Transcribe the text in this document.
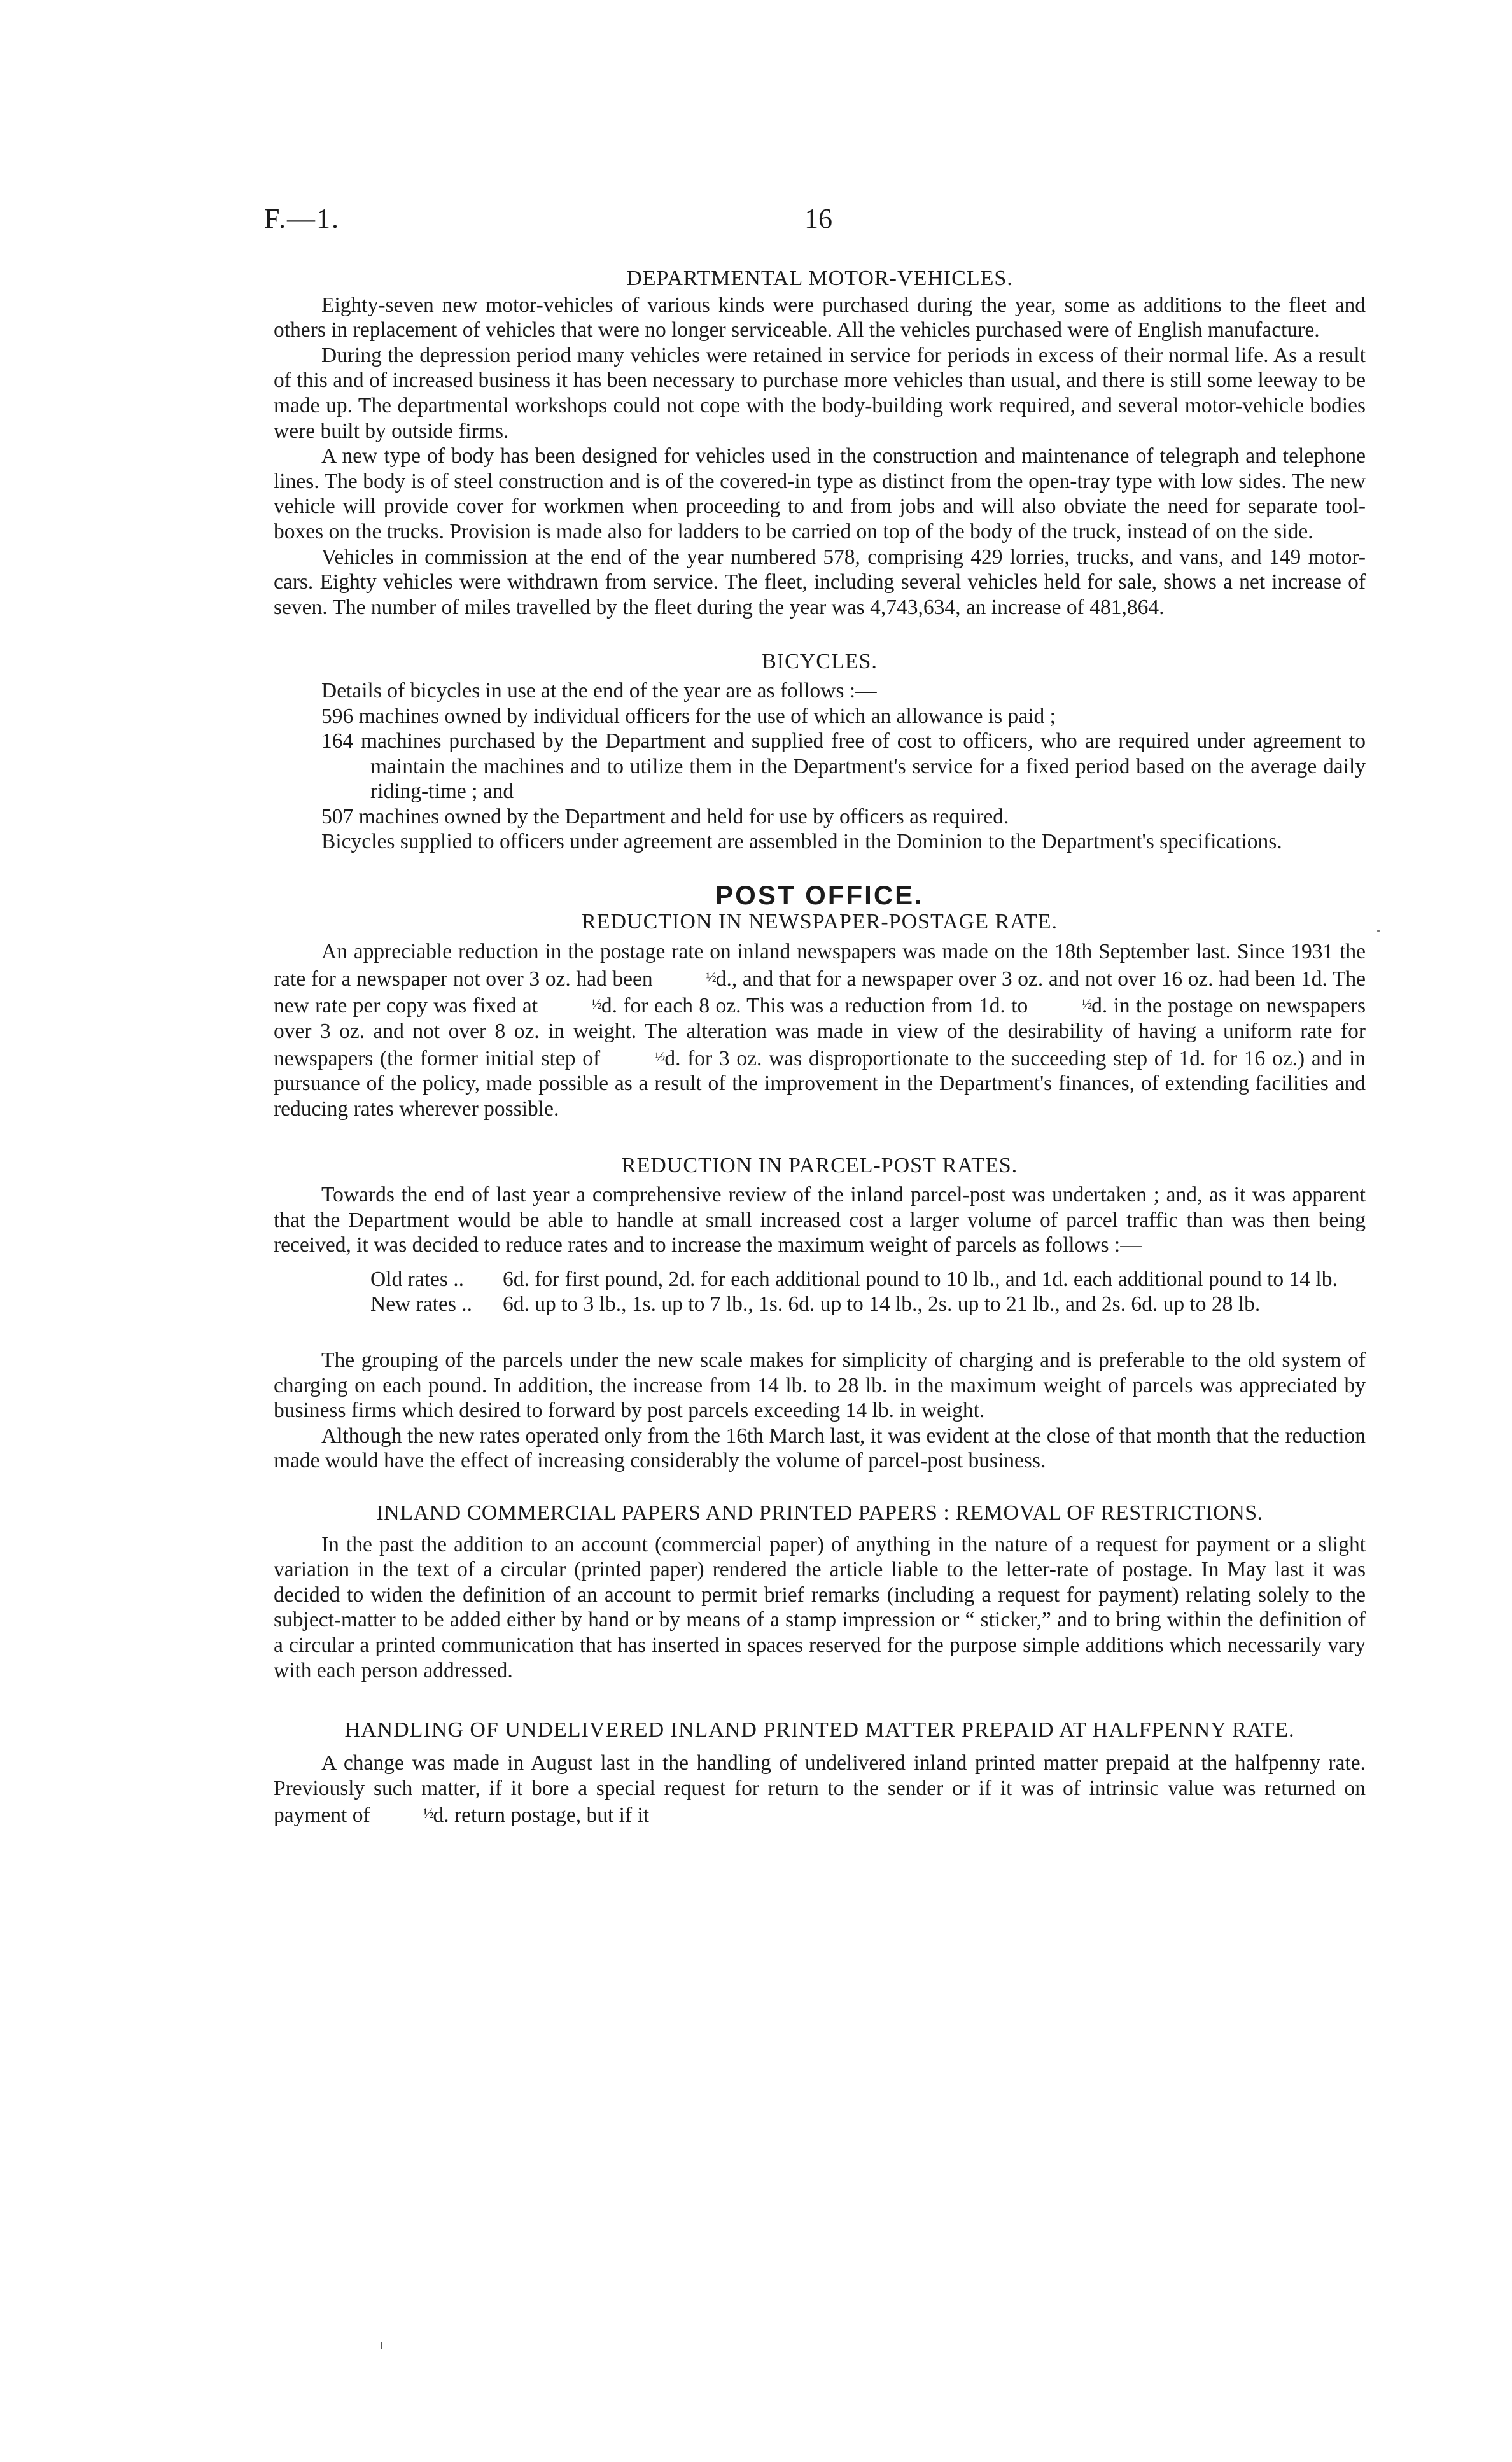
F.—1.	16
DEPARTMENTAL MOTOR-VEHICLES.

Eighty-seven new motor-vehicles of various kinds were purchased during the year, some as additions to the fleet and others in replacement of vehicles that were no longer serviceable. All the vehicles purchased were of English manufacture.

During the depression period many vehicles were retained in service for periods in excess of their normal life. As a result of this and of increased business it has been necessary to purchase more vehicles than usual, and there is still some leeway to be made up. The departmental workshops could not cope with the body-building work required, and several motor-vehicle bodies were built by outside firms.

A new type of body has been designed for vehicles used in the construction and maintenance of telegraph and telephone lines. The body is of steel construction and is of the covered-in type as distinct from the open-tray type with low sides. The new vehicle will provide cover for workmen when proceeding to and from jobs and will also obviate the need for separate tool-boxes on the trucks. Provision is made also for ladders to be carried on top of the body of the truck, instead of on the side.

Vehicles in commission at the end of the year numbered 578, comprising 429 lorries, trucks, and vans, and 149 motor-cars. Eighty vehicles were withdrawn from service. The fleet, including several vehicles held for sale, shows a net increase of seven. The number of miles travelled by the fleet during the year was 4,743,634, an increase of 481,864.

BICYCLES.

Details of bicycles in use at the end of the year are as follows :—

596 machines owned by individual officers for the use of which an allowance is paid ;
164 machines purchased by the Department and supplied free of cost to officers, who are required under agreement to maintain the machines and to utilize them in the Department's service for a fixed period based on the average daily riding-time ; and
507 machines owned by the Department and held for use by officers as required.

Bicycles supplied to officers under agreement are assembled in the Dominion to the Department's specifications.

POST OFFICE.
REDUCTION IN NEWSPAPER-POSTAGE RATE.

An appreciable reduction in the postage rate on inland newspapers was made on the 18th September last. Since 1931 the rate for a newspaper not over 3 oz. had been	½d., and that for a newspaper over 3 oz. and not over 16 oz. had been 1d. The new rate per copy was fixed at	½d. for each 8 oz. This was a reduction from 1d. to	½d. in the postage on newspapers over 3 oz. and not over 8 oz. in weight. The alteration was made in view of the desirability of having a uniform rate for newspapers (the former initial step of	½d. for 3 oz. was disproportionate to the succeeding step of 1d. for 16 oz.) and in pursuance of the policy, made possible as a result of the improvement in the Department's finances, of extending facilities and reducing rates wherever possible.

REDUCTION IN PARCEL-POST RATES.

Towards the end of last year a comprehensive review of the inland parcel-post was undertaken ; and, as it was apparent that the Department would be able to handle at small increased cost a larger volume of parcel traffic than was then being received, it was decided to reduce rates and to increase the maximum weight of parcels as follows :—

Old rates ..	6d. for first pound, 2d. for each additional pound to 10 lb., and 1d. each additional pound to 14 lb.
New rates ..	6d. up to 3 lb., 1s. up to 7 lb., 1s. 6d. up to 14 lb., 2s. up to 21 lb., and 2s. 6d. up to 28 lb.

The grouping of the parcels under the new scale makes for simplicity of charging and is preferable to the old system of charging on each pound. In addition, the increase from 14 lb. to 28 lb. in the maximum weight of parcels was appreciated by business firms which desired to forward by post parcels exceeding 14 lb. in weight.

Although the new rates operated only from the 16th March last, it was evident at the close of that month that the reduction made would have the effect of increasing considerably the volume of parcel-post business.

INLAND COMMERCIAL PAPERS AND PRINTED PAPERS : REMOVAL OF RESTRICTIONS.

In the past the addition to an account (commercial paper) of anything in the nature of a request for payment or a slight variation in the text of a circular (printed paper) rendered the article liable to the letter-rate of postage. In May last it was decided to widen the definition of an account to permit brief remarks (including a request for payment) relating solely to the subject-matter to be added either by hand or by means of a stamp impression or “ sticker,” and to bring within the definition of a circular a printed communication that has inserted in spaces reserved for the purpose simple additions which necessarily vary with each person addressed.

HANDLING OF UNDELIVERED INLAND PRINTED MATTER PREPAID AT HALFPENNY RATE.

A change was made in August last in the handling of undelivered inland printed matter prepaid at the halfpenny rate. Previously such matter, if it bore a special request for return to the sender or if it was of intrinsic value was returned on payment of	½d. return postage, but if it
